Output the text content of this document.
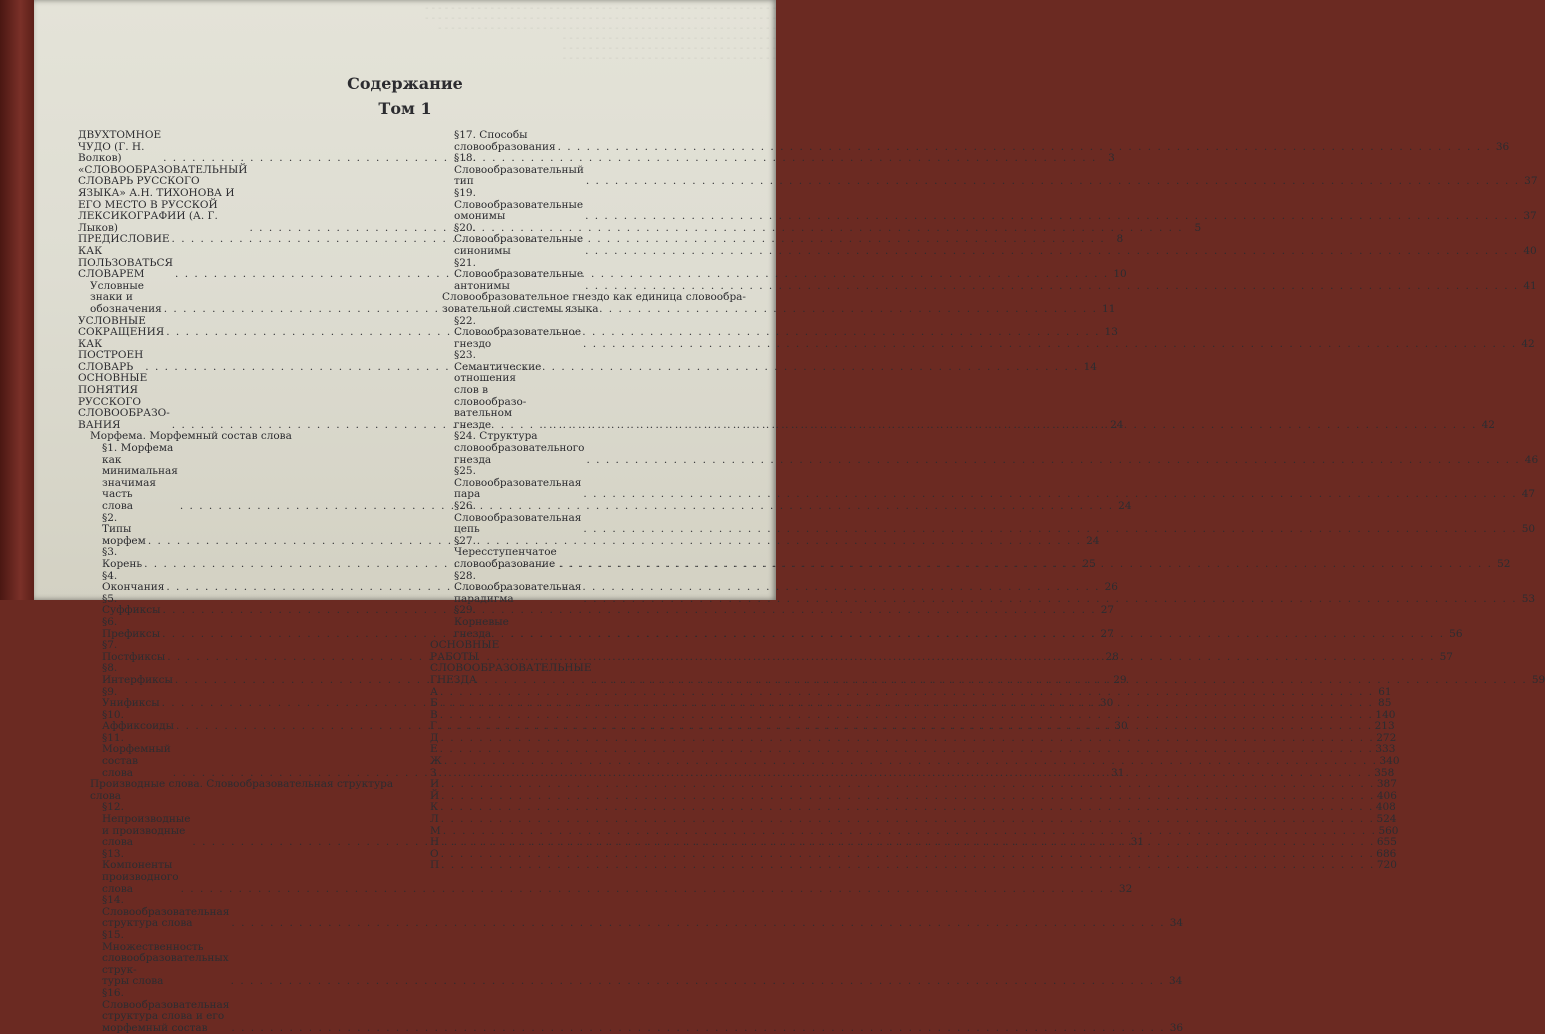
- - - - - - - - - - - - - - - - - - - - - - - - - - - - - - - - - - - - - - - - - - - - - - - - - - - - - -
- - - - - - - - - - - - - - - - - - - - - - - - - - - - - - - - - - - - - - - - - - - - - - - - - - - - - -
- - - - - - - - - - - - - - - - - - - - - - - - - - - - - - - - - - - - - - - - - - - - - - - - - - - -
- - - - - - - - - - - - - - - - - - - - - - - - - - - - - - - - -
- - - - - - - - - - - - - - - - - - - - - - - - - - - - - - - - -
- - - - - - - - - - - - - - - - - - - - - - - - - - - - - - - - -
Содержание
Том 1
ДВУХТОМНОЕ ЧУДО (Г. Н. Волков) . . .	3
«СЛОВООБРАЗОВАТЕЛЬНЫЙ СЛОВАРЬ РУССКОГО
ЯЗЫКА» А.Н. ТИХОНОВА И ЕГО МЕСТО В РУССКОЙ
ЛЕКСИКОГРАФИИ (А. Г. Лыков) . . .	5
ПРЕДИСЛОВИЕ . . .	8
КАК ПОЛЬЗОВАТЬСЯ СЛОВАРЕМ . . .	10
Условные знаки и обозначения . . .	11
УСЛОВНЫЕ СОКРАЩЕНИЯ . . .	13
КАК ПОСТРОЕН СЛОВАРЬ . . .	14
ОСНОВНЫЕ ПОНЯТИЯ РУССКОГО СЛОВООБРАЗО-
ВАНИЯ . . .	24
Морфема. Морфемный состав слова
§1. Морфема как минимальная значимая часть
слова . . .	24
§2. Типы морфем . . .	24
§3. Корень . . .	25
§4. Окончания . . .	26
§5. Суффиксы . . .	27
§6. Префиксы . . .	27
§7. Постфиксы . . .	28
§8. Интерфиксы . . .	29
§9. Унификсы . . .	30
§10. Аффиксоиды . . .	30
§11. Морфемный состав слова . . .	31
Производные слова. Словообразовательная структура
слова
§12. Непроизводные и производные слова . . .	31
§13. Компоненты производного слова . . .	32
§14. Словообразовательная структура слова . . .	34
§15. Множественность словообразовательных струк-
туры слова . . .	34
§16. Словообразовательная структура слова и его
морфемный состав . . .	36
§17. Способы словообразования . . .	36
§18. Словообразовательный тип . . .	37
§19. Словообразовательные омонимы . . .	37
§20. Словообразовательные синонимы . . .	40
§21. Словообразовательные антонимы . . .	41
Словообразовательное гнездо как единица словообра-
зовательной системы языка
§22. Словообразовательное гнездо . . .	42
§23. Семантические отношения слов в словообразо-
вательном гнезде . . .	42
§24. Структура словообразовательного гнезда . . .	46
§25. Словообразовательная пара . . .	47
§26. Словообразовательная цепь . . .	50
§27. Чересступенчатое словообразование . . .	52
§28. Словообразовательная парадигма . . .	53
§29. Корневые гнезда . . .	56
ОСНОВНЫЕ РАБОТЫ . . .	57
СЛОВООБРАЗОВАТЕЛЬНЫЕ ГНЕЗДА . . .	59
А . . .	61
Б . . .	85
В . . .	140
Г . . .	213
Д . . .	272
Е . . .	333
Ж . . .	340
З . . .	358
И . . .	387
Й . . .	406
К . . .	408
Л . . .	524
М . . .	560
Н . . .	655
О . . .	686
П . . .	720
